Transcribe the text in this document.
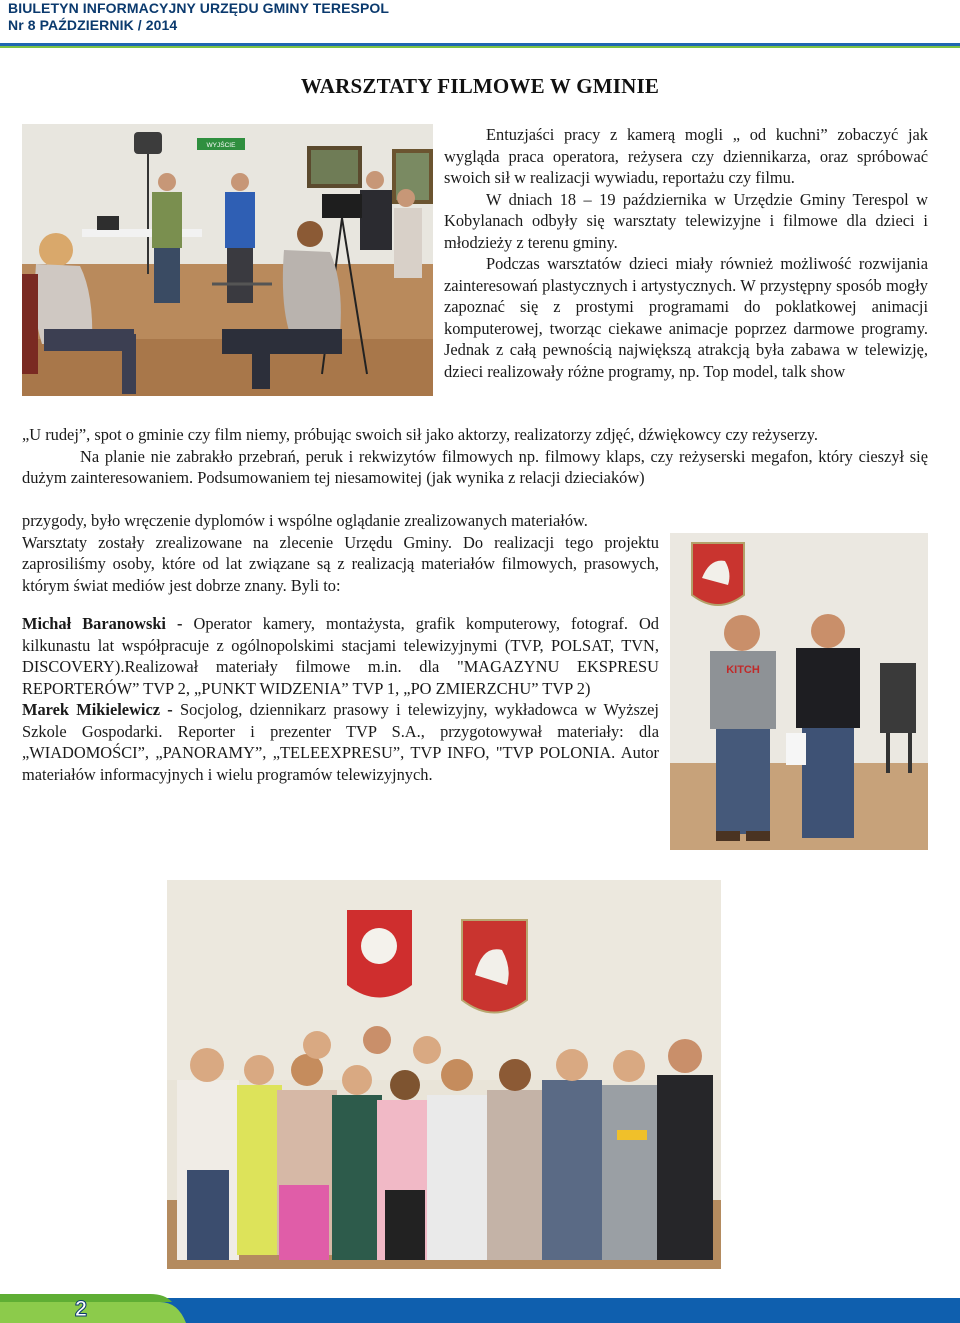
BIULETYN INFORMACYJNY URZĘDU GMINY TERESPOL
Nr 8 PAŹDZIERNIK / 2014
WARSZTATY FILMOWE W GMINIE
WYJŚCIE

Entuzjaści pracy z kamerą mogli „ od kuchni” zobaczyć jak wygląda praca operatora, reżysera czy dziennikarza, oraz spróbować swoich sił w realizacji wywiadu, reportażu czy filmu.

W dniach 18 – 19 października w Urzędzie Gminy Terespol w Kobylanach odbyły się warsztaty telewizyjne i filmowe dla dzieci i młodzieży z terenu gminy.

Podczas warsztatów dzieci miały również możliwość rozwijania zainteresowań plastycznych i artystycznych. W przystępny sposób mogły zapoznać się z prostymi programami do poklatkowej animacji komputerowej, tworząc ciekawe animacje poprzez darmowe programy. Jednak z całą pewnością największą atrakcją była zabawa w telewizję, dzieci realizowały różne programy, np. Top model, talk show

„U rudej”, spot o gminie czy film niemy, próbując swoich sił jako aktorzy, realizatorzy zdjęć, dźwiękowcy czy reżyserzy.

Na planie nie zabrakło przebrań, peruk i rekwizytów filmowych np. filmowy klaps, czy reżyserski megafon, który cieszył się dużym zainteresowaniem. Podsumowaniem tej niesamowitej (jak wynika z relacji dzieciaków)

przygody, było wręczenie dyplomów i wspólne oglądanie zrealizowanych materiałów.

Warsztaty zostały zrealizowane na zlecenie Urzędu Gminy. Do realizacji tego projektu zaprosiliśmy osoby, które od lat związane są z realizacją materiałów filmowych, prasowych, którym świat mediów jest dobrze znany. Byli to:

Michał Baranowski - Operator kamery, montażysta, grafik komputerowy, fotograf. Od kilkunastu lat współpracuje z ogólnopolskimi stacjami telewizyjnymi (TVP, POLSAT, TVN, DISCOVERY).Realizował materiały filmowe m.in. dla "MAGAZYNU EKSPRESU REPORTERÓW” TVP 2, „PUNKT WIDZENIA” TVP 1, „PO ZMIERZCHU” TVP 2)

Marek Mikielewicz - Socjolog, dziennikarz prasowy i telewizyjny, wykładowca w Wyższej Szkole Gospodarki. Reporter i prezenter TVP S.A., przygotowywał materiały: dla „WIADOMOŚCI”, „PANORAMY”, „TELEEXPRESU”, TVP INFO, "TVP POLONIA. Autor materiałów informacyjnych i wielu programów telewizyjnych.

KITCH
2
